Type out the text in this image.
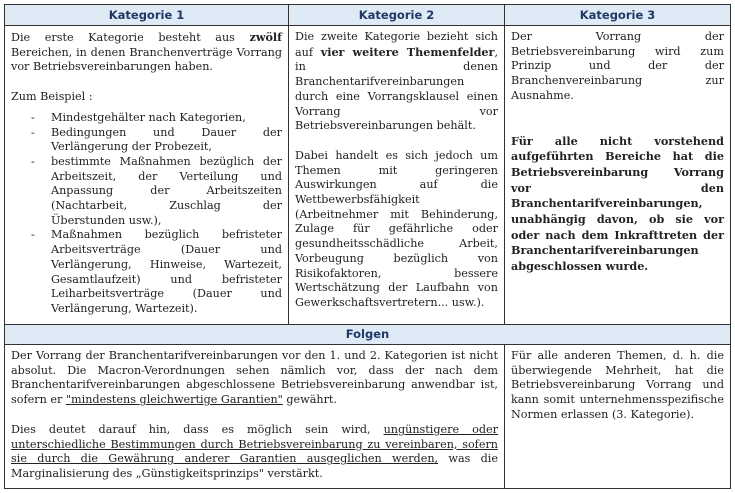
Kategorie 1	Kategorie 2	Kategorie 3

Die erste Kategorie besteht aus zwölf Bereichen, in denen Branchenverträge Vorrang vor Betriebsvereinbarungen haben.

Zum Beispiel :

- Mindestgehälter nach Kategorien,
- Bedingungen und Dauer der Verlängerung der Probezeit,
- bestimmte Maßnahmen bezüglich der Arbeitszeit, der Verteilung und Anpassung der Arbeitszeiten (Nachtarbeit, Zuschlag der Überstunden usw.),
- Maßnahmen bezüglich befristeter Arbeitsverträge (Dauer und Verlängerung, Hinweise, Wartezeit, Gesamtlaufzeit) und befristeter Leiharbeitsverträge (Dauer und Verlängerung, Wartezeit).

Die zweite Kategorie bezieht sich auf vier weitere Themenfelder, in denen Branchentarifvereinbarungen durch eine Vorrangsklausel einen Vorrang vor Betriebsvereinbarungen behält.

Dabei handelt es sich jedoch um Themen mit geringeren Auswirkungen auf die Wettbewerbsfähigkeit (Arbeitnehmer mit Behinderung, Zulage für gefährliche oder gesundheitsschädliche Arbeit, Vorbeugung bezüglich von Risikofaktoren, bessere Wertschätzung der Laufbahn von Gewerkschaftsvertretern... usw.).

Der Vorrang der Betriebsvereinbarung wird zum Prinzip und der der Branchenvereinbarung zur Ausnahme.

Für alle nicht vorstehend aufgeführten Bereiche hat die Betriebsvereinbarung Vorrang vor den Branchentarifvereinbarungen, unabhängig davon, ob sie vor oder nach dem Inkrafttreten der Branchentarifvereinbarungen abgeschlossen wurde.

Folgen

Der Vorrang der Branchentarifvereinbarungen vor den 1. und 2. Kategorien ist nicht absolut. Die Macron-Verordnungen sehen nämlich vor, dass der nach dem Branchentarifvereinbarungen abgeschlossene Betriebsvereinbarung anwendbar ist, sofern er "mindestens gleichwertige Garantien" gewährt.

Dies deutet darauf hin, dass es möglich sein wird, ungünstigere oder unterschiedliche Bestimmungen durch Betriebsvereinbarung zu vereinbaren, sofern sie durch die Gewährung anderer Garantien ausgeglichen werden, was die Marginalisierung des „Günstigkeitsprinzips" verstärkt.

Für alle anderen Themen, d. h. die überwiegende Mehrheit, hat die Betriebsvereinbarung Vorrang und kann somit unternehmensspezifische Normen erlassen (3. Kategorie).
